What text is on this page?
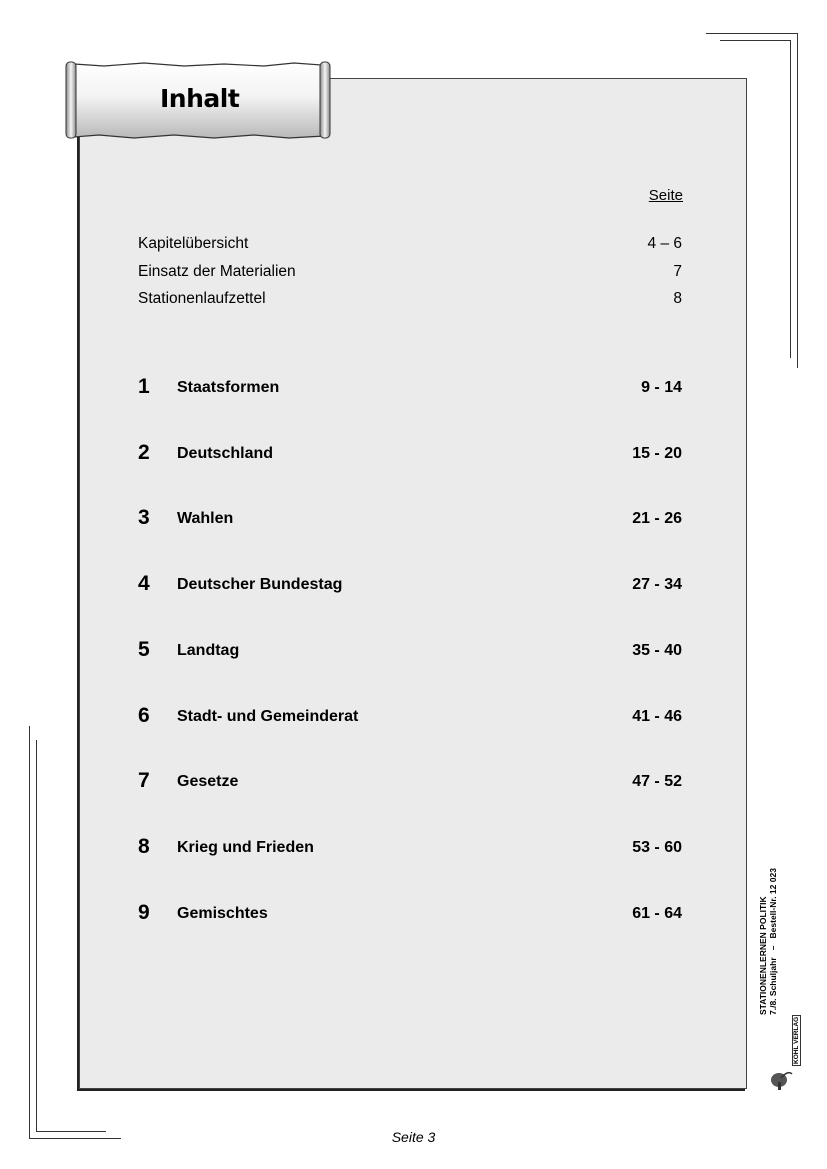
Inhalt
Seite
Kapitelübersicht	4 – 6
Einsatz der Materialien	7
Stationenlaufzettel	8
1 Staatsformen	9 - 14
2 Deutschland	15 - 20
3 Wahlen	21 - 26
4 Deutscher Bundestag	27 - 34
5 Landtag	35 - 40
6 Stadt- und Gemeinderat	41 - 46
7 Gesetze	47 - 52
8 Krieg und Frieden	53 - 60
9 Gemischtes	61 - 64	STATIONENLERNEN POLITIK 7./8. Schuljahr   –   Bestell-Nr. 12 023
KOHL VERLAG
Seite 3
